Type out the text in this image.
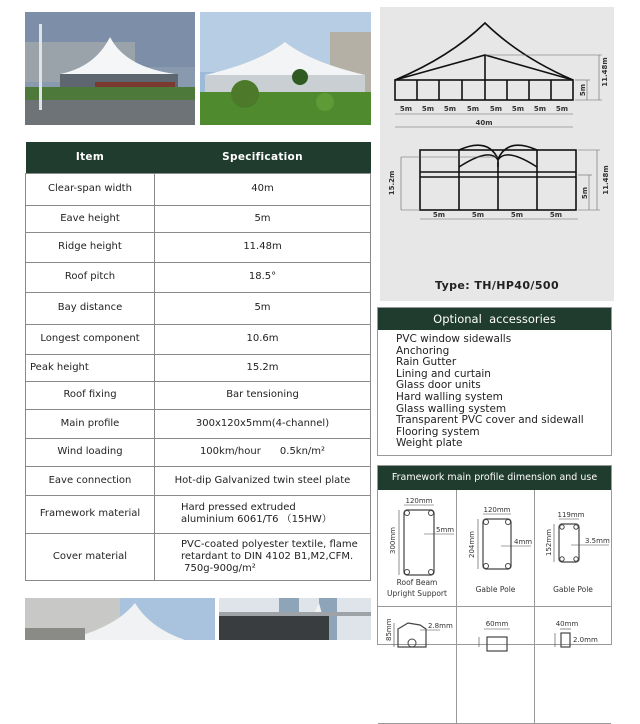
Item	Specification
Clear-span width	40m
Eave height	5m
Ridge height	11.48m
Roof pitch	18.5°
Bay distance	5m
Longest component	10.6m
Peak height	15.2m
Roof fixing	Bar tensioning
Main profile	300x120x5mm(4-channel)
Wind loading	100km/hour      0.5kn/m²
Eave connection	Hot-dip Galvanized twin steel plate
Framework material	Hard pressed extruded
aluminium 6061/T6 （15HW）

Cover material	PVC-coated polyester textile, flame
retardant to DIN 4102 B1,M2,CFM.
750g-900g/m²
5m 5m 5m 5m 5m 5m 5m 5m
40m
5m
11.48m
5m	5m	5m	5m
15.2m	5m 11.48m
Type: TH/HP40/500
Optional  accessories
PVC window sidewalls
Anchoring
Rain Gutter
Lining and curtain
Glass door units
Hard walling system
Glass walling system
Transparent PVC cover and sidewall
Flooring system
Weight plate
Framework main profile dimension and use
120mm
300mm	5mm
Roof Beam
Upright Support
120mm
204mm	4mm
Gable Pole
119mm
152mm	3.5mm
Gable Pole
85mm	2.8mm	60mm	40mm
2.0mm
